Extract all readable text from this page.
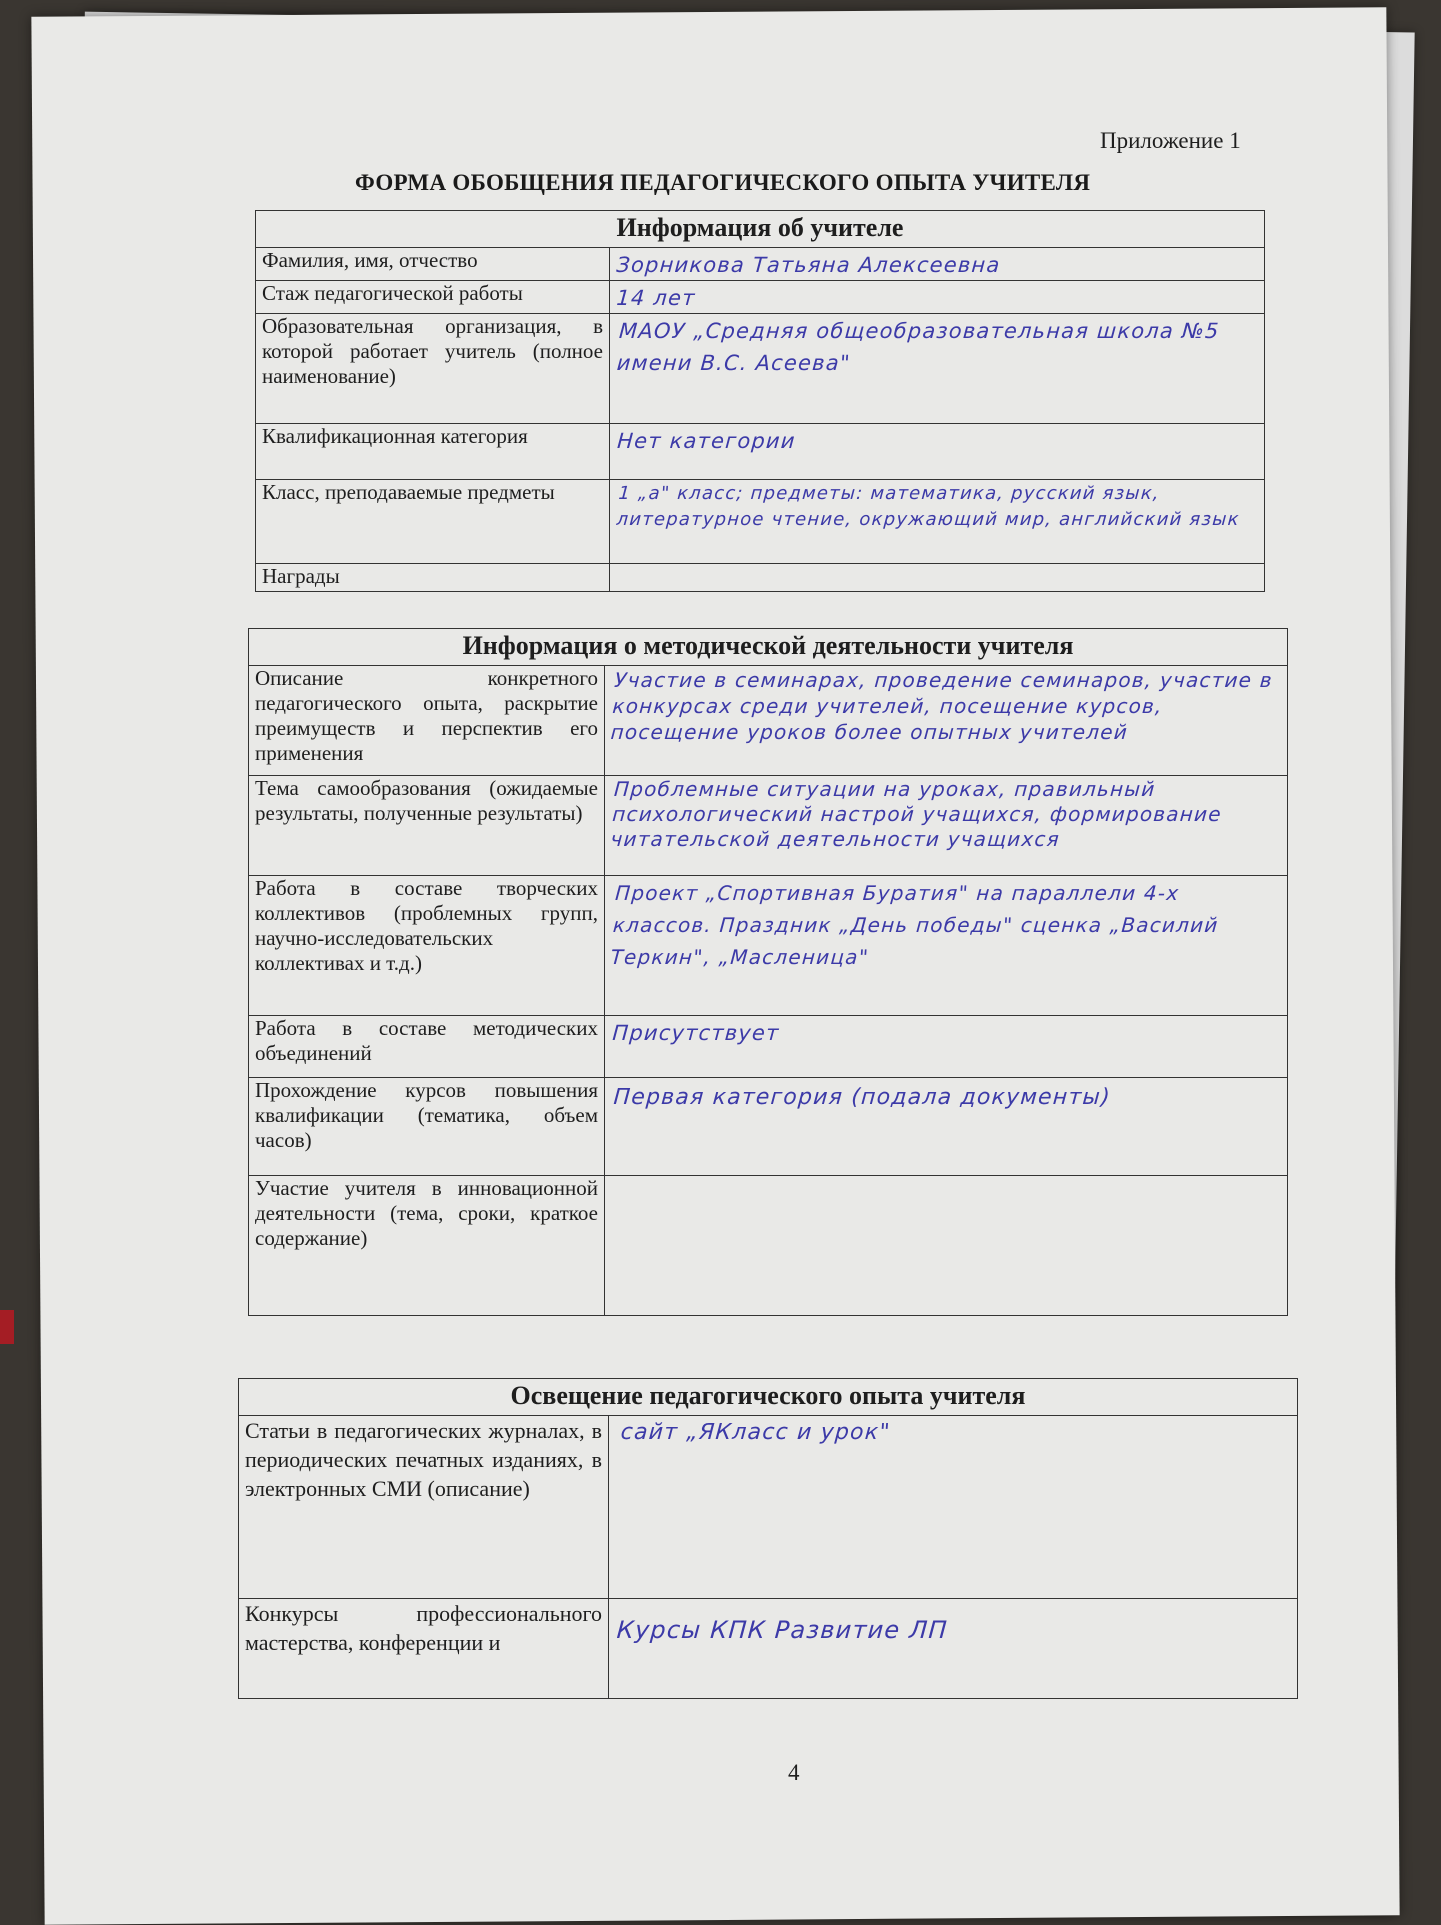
Приложение 1
ФОРМА ОБОБЩЕНИЯ ПЕДАГОГИЧЕСКОГО ОПЫТА УЧИТЕЛЯ
Информация об учителе	
Фамилия, имя, отчество	Зорникова Татьяна Алексеевна
Стаж педагогической работы	14 лет
Образовательная организация, в которой работает учитель (полное наименование)	МАОУ „Средняя общеобразовательная школа №5 имени В.С. Асеева"
Квалификационная категория	Нет категории
Класс, преподаваемые предметы	1 „а" класс; предметы: математика, русский язык, литературное чтение, окружающий мир, английский язык
Награды	
Информация о методической деятельности учителя	
Описание конкретного педагогического опыта, раскрытие преимуществ и перспектив его применения	Участие в семинарах, проведение семинаров, участие в конкурсах среди учителей, посещение курсов, посещение уроков более опытных учителей
Тема самообразования (ожидаемые результаты, полученные результаты)	Проблемные ситуации на уроках, правильный психологический настрой учащихся, формирование читательской деятельности учащихся
Работа в составе творческих коллективов (проблемных групп, научно-исследовательских коллективах и т.д.)	Проект „Спортивная Буратия" на параллели 4-х классов. Праздник „День победы" сценка „Василий Теркин", „Масленица"
Работа в составе методических объединений	Присутствует
Прохождение курсов повышения квалификации (тематика, объем часов)	Первая категория (подала документы)
Участие учителя в инновационной деятельности (тема, сроки, краткое содержание)	
Освещение педагогического опыта учителя	
Статьи в педагогических журналах, в периодических печатных изданиях, в электронных СМИ (описание)	сайт „ЯКласс и урок"
Конкурсы профессионального мастерства, конференции и	Курсы КПК Развитие ЛП
4
